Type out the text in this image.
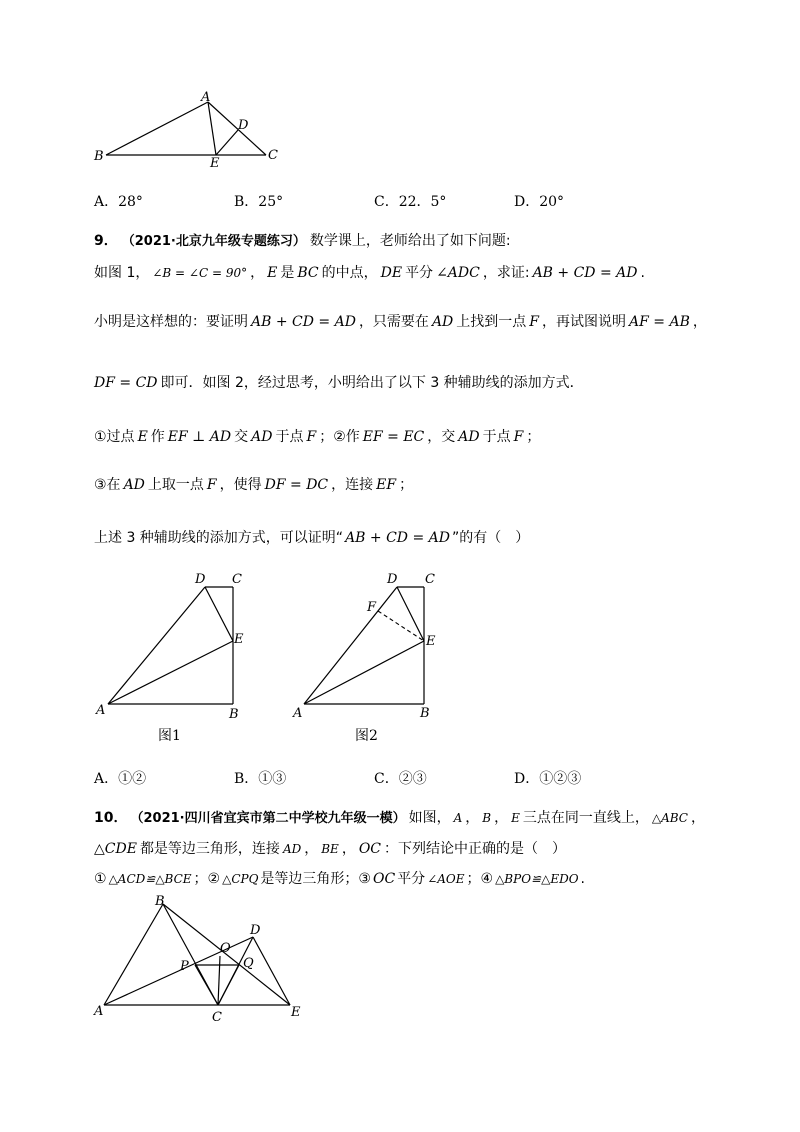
A
B	C
D
E
A．28°	B．25°	C．22．5°	D．20°
9． （2021·北京九年级专题练习） 数学课上，老师给出了如下问题:
如图 1， ∠B = ∠C = 90° ， E 是 BC 的中点， DE 平分 ∠ADC ，求证: AB + CD = AD .
小明是这样想的：要证明 AB + CD = AD ，只需要在 AD 上找到一点 F ，再试图说明 AF = AB ，
DF = CD 即可．如图 2，经过思考，小明给出了以下 3 种辅助线的添加方式．
①过点 E 作 EF ⊥ AD 交 AD 于点 F ；②作 EF = EC ，交 AD 于点 F ；
③在 AD 上取一点 F ，使得 DF = DC ，连接 EF ；
上述 3 种辅助线的添加方式，可以证明“ AB + CD = AD ”的有（　）
D C
E
A	B
图1
D C
F
E
A	B
图2
A．①②	B．①③	C．②③	D．①②③
10． （2021·四川省宜宾市第二中学校九年级一模） 如图， A ， B ， E 三点在同一直线上， △ABC ，
△CDE 都是等边三角形，连接 AD ， BE ， OC ：下列结论中正确的是（　）
① △ACD≌△BCE ；② △CPQ 是等边三角形；③ OC 平分 ∠AOE ；④ △BPO≌△EDO .
B
O
D
P	Q
A	C	E
